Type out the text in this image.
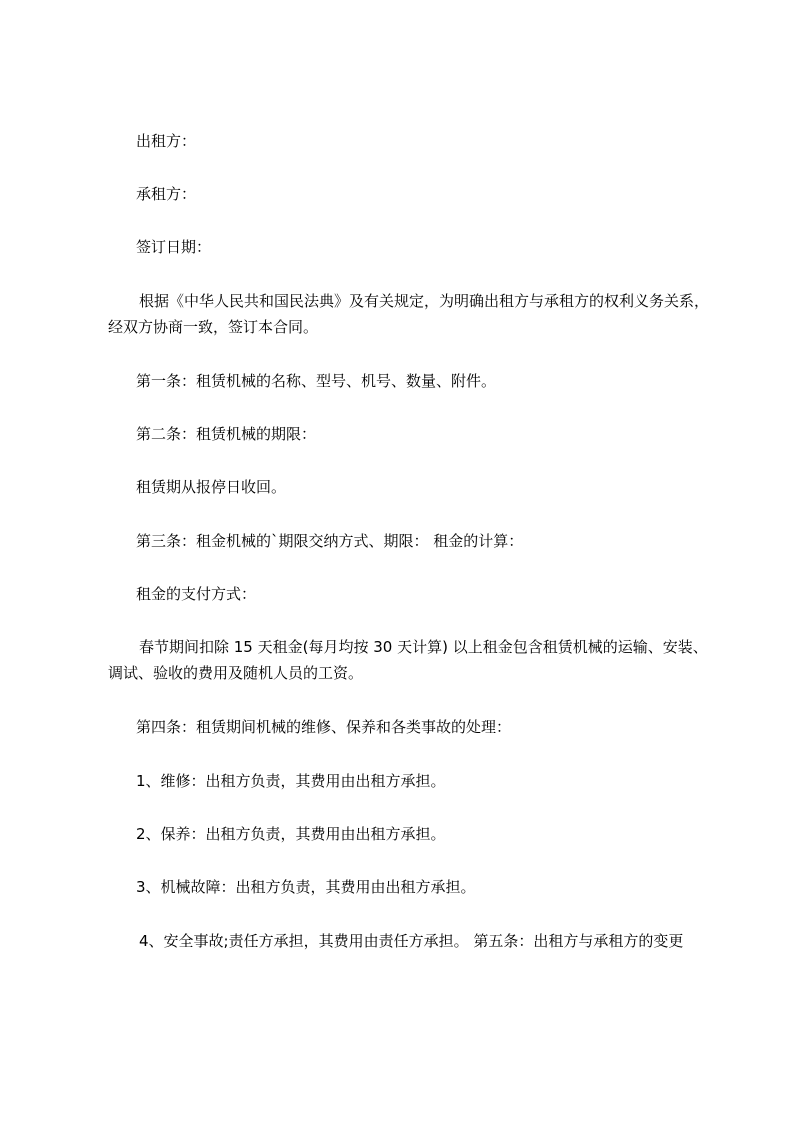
出租方：

承租方：

签订日期：

根据《中华人民共和国民法典》及有关规定，为明确出租方与承租方的权利义务关系，经双方协商一致，签订本合同。

第一条：租赁机械的名称、型号、机号、数量、附件。

第二条：租赁机械的期限：

租赁期从报停日收回。

第三条：租金机械的`期限交纳方式、期限： 租金的计算：

租金的支付方式：

春节期间扣除 15 天租金(每月均按 30 天计算) 以上租金包含租赁机械的运输、安装、调试、验收的费用及随机人员的工资。

第四条：租赁期间机械的维修、保养和各类事故的处理：

1、维修：出租方负责，其费用由出租方承担。

2、保养：出租方负责，其费用由出租方承担。

3、机械故障：出租方负责，其费用由出租方承担。

4、安全事故;责任方承担，其费用由责任方承担。 第五条：出租方与承租方的变更
